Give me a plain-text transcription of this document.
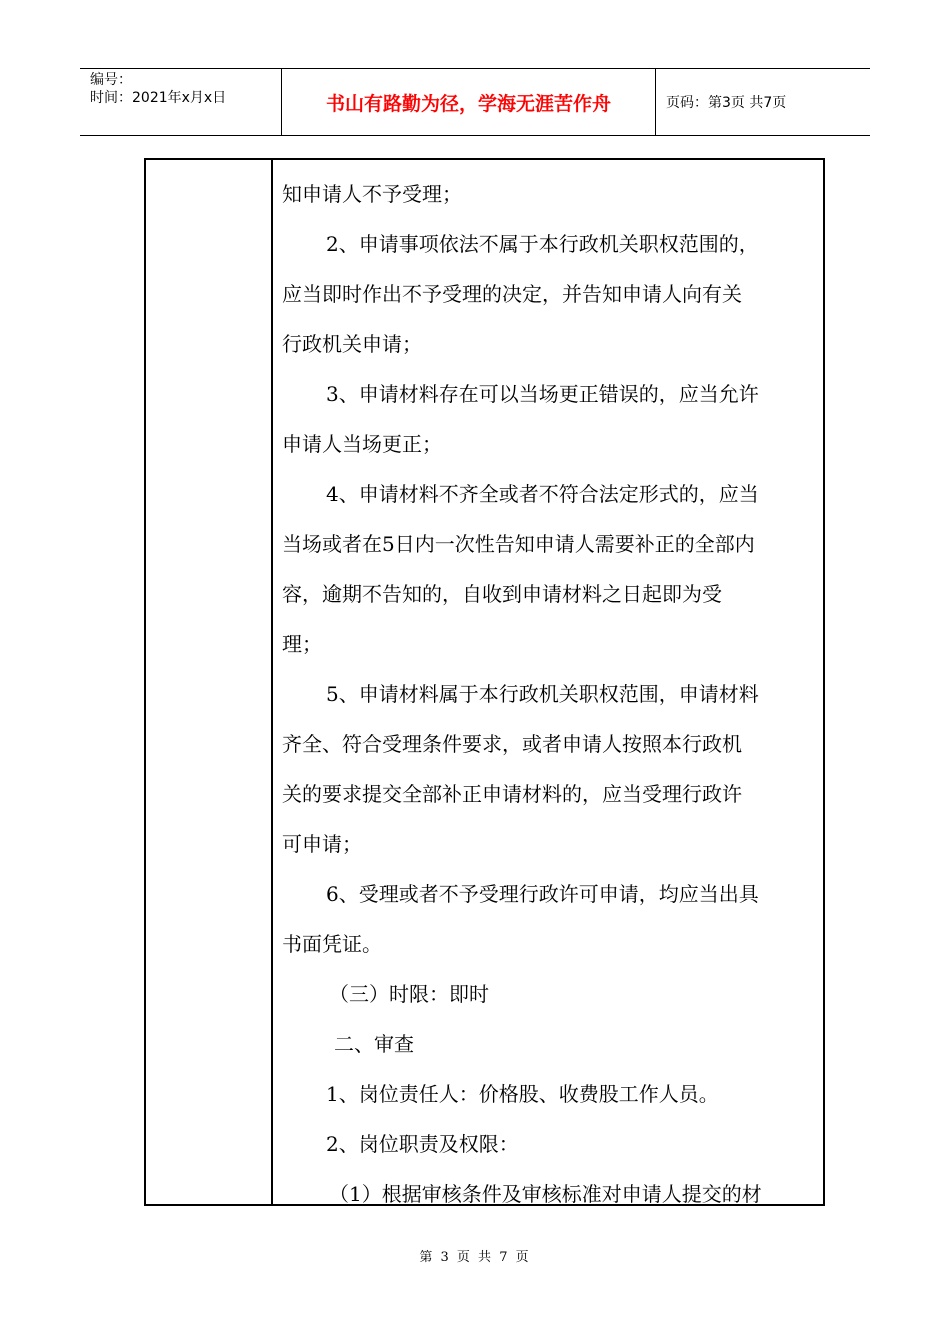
编号：
时间：2021年x月x日	书山有路勤为径，学海无涯苦作舟	页码：第3页 共7页
知申请人不予受理；
2、申请事项依法不属于本行政机关职权范围的，
应当即时作出不予受理的决定，并告知申请人向有关
行政机关申请；
3、申请材料存在可以当场更正错误的，应当允许
申请人当场更正；
4、申请材料不齐全或者不符合法定形式的，应当
当场或者在5日内一次性告知申请人需要补正的全部内
容，逾期不告知的，自收到申请材料之日起即为受
理；
5、申请材料属于本行政机关职权范围，申请材料
齐全、符合受理条件要求，或者申请人按照本行政机
关的要求提交全部补正申请材料的，应当受理行政许
可申请；
6、受理或者不予受理行政许可申请，均应当出具
书面凭证。
（三）时限：即时
二、审查
1、岗位责任人：价格股、收费股工作人员。
2、岗位职责及权限：
（1）根据审核条件及审核标准对申请人提交的材
第 3 页 共 7 页
